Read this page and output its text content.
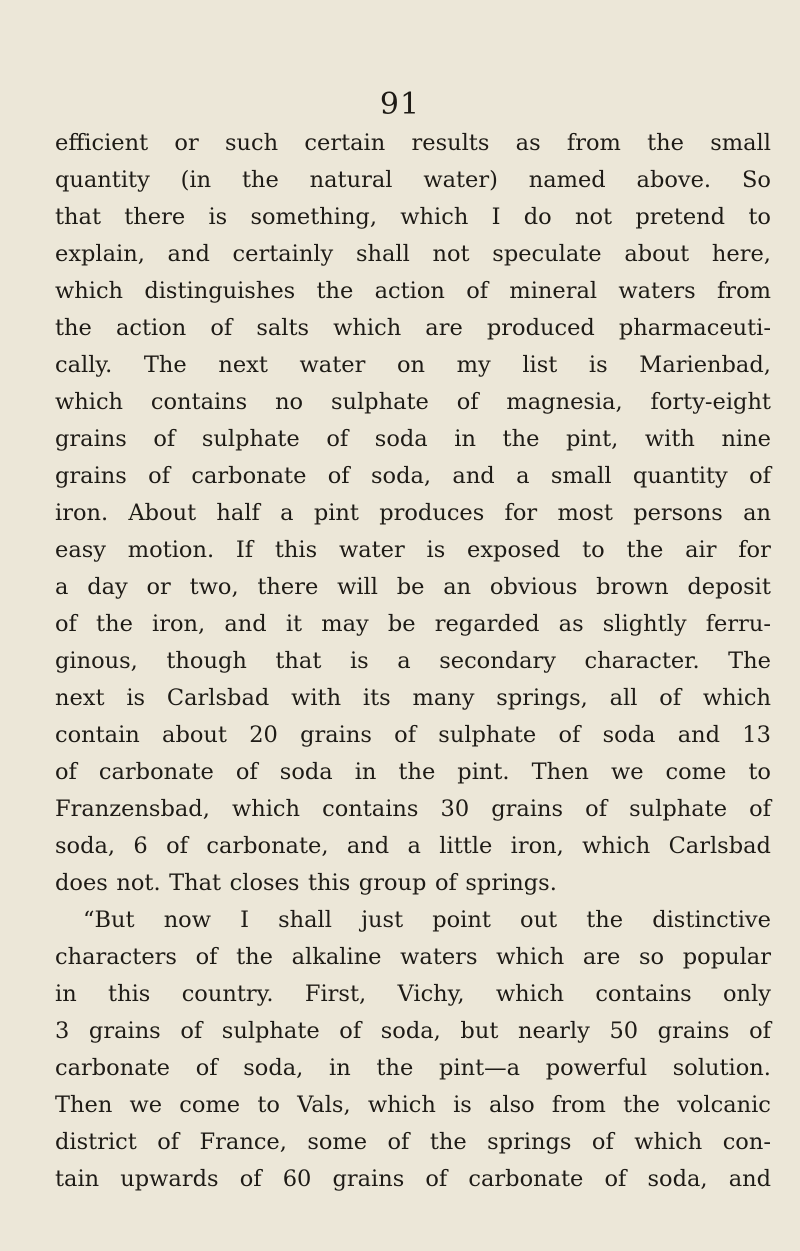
91
efficient or such certain results as from the small
quantity (in the natural water) named above. So
that there is something, which I do not pretend to
explain, and certainly shall not speculate about here,
which distinguishes the action of mineral waters from
the action of salts which are produced pharmaceuti-
cally. The next water on my list is Marienbad,
which contains no sulphate of magnesia, forty-eight
grains of sulphate of soda in the pint, with nine
grains of carbonate of soda, and a small quantity of
iron. About half a pint produces for most persons an
easy motion. If this water is exposed to the air for
a day or two, there will be an obvious brown deposit
of the iron, and it may be regarded as slightly ferru-
ginous, though that is a secondary character. The
next is Carlsbad with its many springs, all of which
contain about 20 grains of sulphate of soda and 13
of carbonate of soda in the pint. Then we come to
Franzensbad, which contains 30 grains of sulphate of
soda, 6 of carbonate, and a little iron, which Carlsbad
does not. That closes this group of springs.
“But now I shall just point out the distinctive
characters of the alkaline waters which are so popular
in this country. First, Vichy, which contains only
3 grains of sulphate of soda, but nearly 50 grains of
carbonate of soda, in the pint—a powerful solution.
Then we come to Vals, which is also from the volcanic
district of France, some of the springs of which con-
tain upwards of 60 grains of carbonate of soda, and
